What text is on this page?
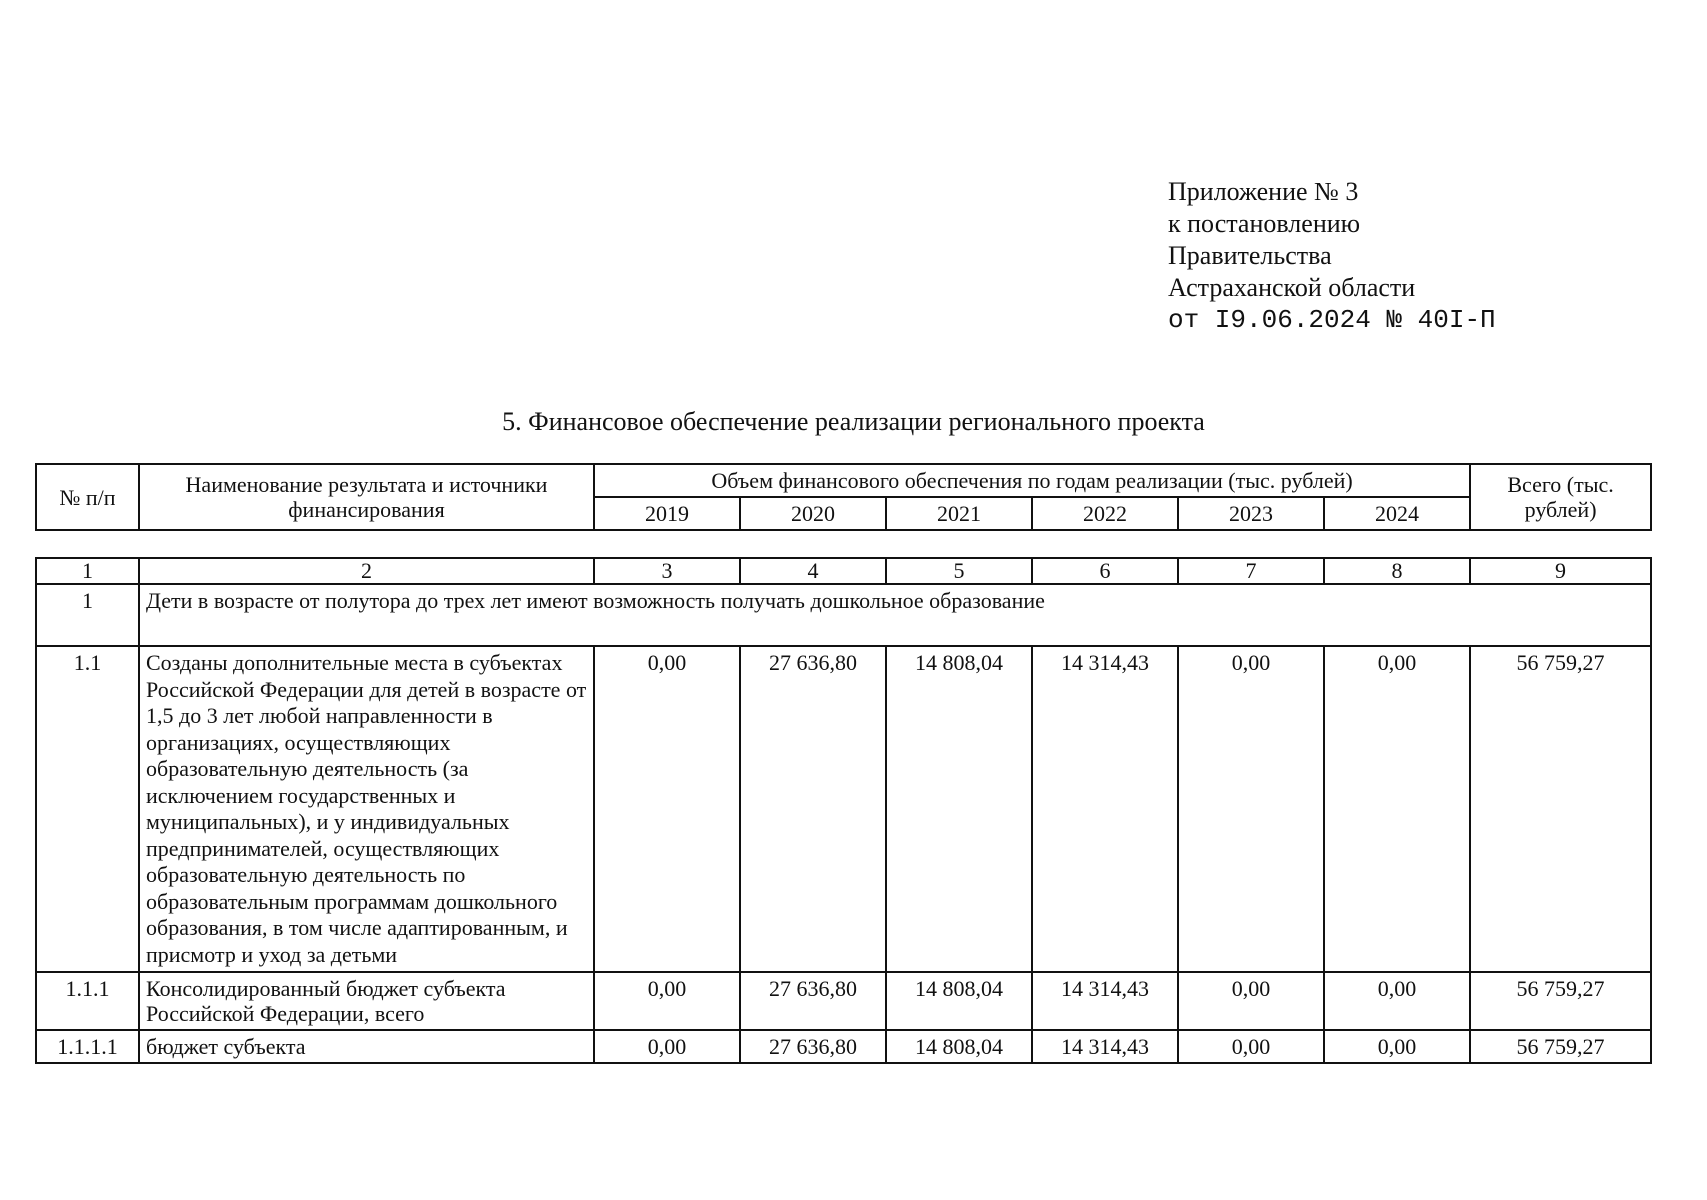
Приложение № 3
к постановлению
Правительства
Астраханской области
от I9.06.2024 № 40I-П
5. Финансовое обеспечение реализации регионального проекта
№ п/п	Наименование результата и источники финансирования	Объем финансового обеспечения по годам реализации (тыс. рублей)						Всего (тыс. рублей)
		2019	2020	2021	2022	2023	2024	
1	2	3	4	5	6	7	8	9
1	Дети в возрасте от полутора до трех лет имеют возможность получать дошкольное образование							
1.1	Созданы дополнительные места в субъектах Российской Федерации для детей в возрасте от 1,5 до 3 лет любой направленности в организациях, осуществляющих образовательную деятельность (за исключением государственных и муниципальных), и у индивидуальных предпринимателей, осуществляющих образовательную деятельность по образовательным программам дошкольного образования, в том числе адаптированным, и присмотр и уход за детьми	0,00	27 636,80	14 808,04	14 314,43	0,00	0,00	56 759,27
1.1.1	Консолидированный бюджет субъекта Российской Федерации, всего	0,00	27 636,80	14 808,04	14 314,43	0,00	0,00	56 759,27
1.1.1.1	бюджет субъекта	0,00	27 636,80	14 808,04	14 314,43	0,00	0,00	56 759,27
